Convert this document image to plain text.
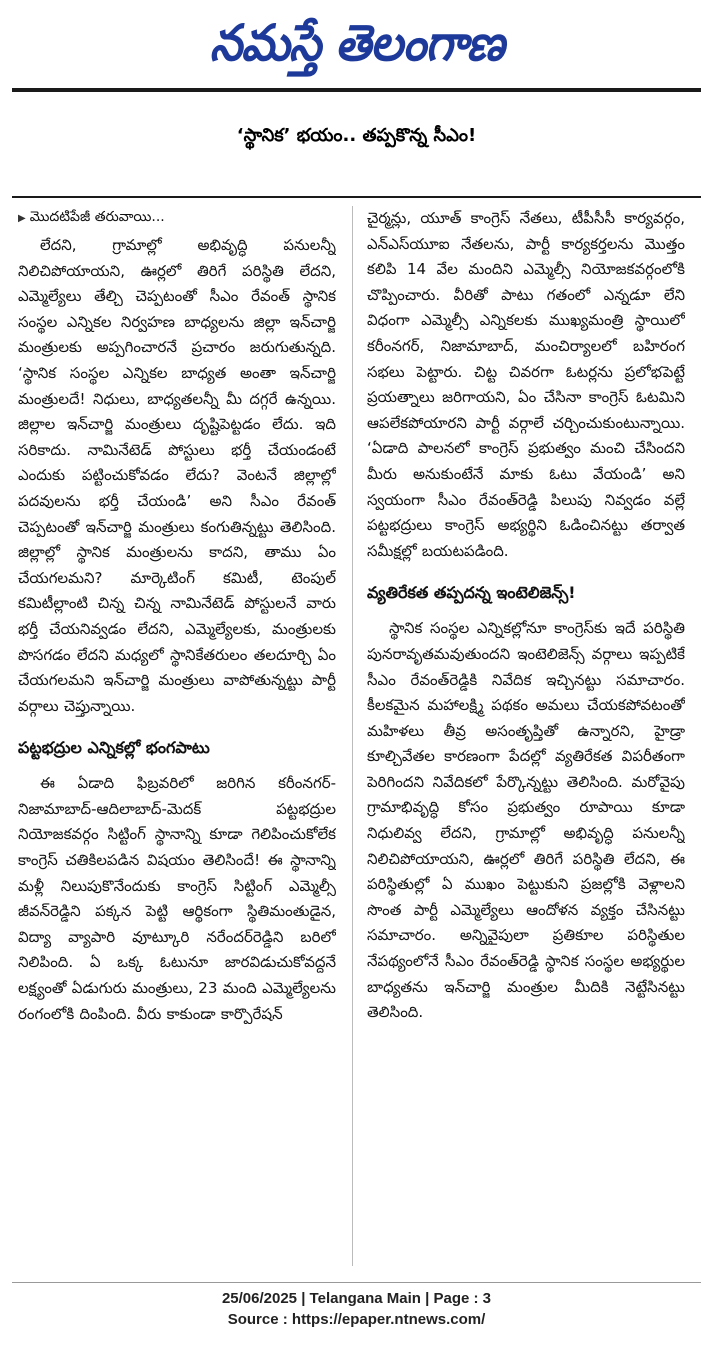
నమస్తే తెలంగాణ
‘స్థానిక’ భయం.. తప్పకొన్న సీఎం!
▶ మొదటిపేజీ తరువాయి...

లేదని, గ్రామాల్లో అభివృద్ధి పనులన్నీ నిలిచిపోయాయని, ఊర్లలో తిరిగే పరిస్థితి లేదని, ఎమ్మెల్యేలు తేల్చి చెప్పటంతో సీఎం రేవంత్ స్థానిక సంస్థల ఎన్నికల నిర్వహణ బాధ్యలను జిల్లా ఇన్‌చార్జి మంత్రులకు అప్పగించారనే ప్రచారం జరుగుతున్నది. ‘స్థానిక సంస్థల ఎన్నికల బాధ్యత అంతా ఇన్‌చార్జి మంత్రులదే! నిధులు, బాధ్యతలన్నీ మీ దగ్గరే ఉన్నయి. జిల్లాల ఇన్‌చార్జి మంత్రులు దృష్టిపెట్టడం లేదు. ఇది సరికాదు. నామినేటెడ్ పోస్టులు భర్తీ చేయండంటే ఎందుకు పట్టించుకోవడం లేదు? వెంటనే జిల్లాల్లో పదవులను భర్తీ చేయండి’ అని సీఎం రేవంత్ చెప్పటంతో ఇన్‌చార్జి మంత్రులు కంగుతిన్నట్టు తెలిసింది. జిల్లాల్లో స్థానిక మంత్రులను కాదని, తాము ఏం చేయగలమని? మార్కెటింగ్ కమిటీ, టెంపుల్ కమిటీల్లాంటి చిన్న చిన్న నామినేటెడ్ పోస్టులనే వారు భర్తీ చేయనివ్వడం లేదని, ఎమ్మెల్యేలకు, మంత్రులకు పొసగడం లేదని మధ్యలో స్థానికేతరులం తలదూర్చి ఏం చేయగలమని ఇన్‌చార్జి మంత్రులు వాపోతున్నట్టు పార్టీ వర్గాలు చెప్తున్నాయి.

పట్టభద్రుల ఎన్నికల్లో భంగపాటు

ఈ ఏడాది ఫిబ్రవరిలో జరిగిన కరీంనగర్-నిజామాబాద్-ఆదిలాబాద్-మెదక్ పట్టభద్రుల నియోజకవర్గం సిట్టింగ్ స్థానాన్ని కూడా గెలిపించుకోలేక కాంగ్రెస్ చతికిలపడిన విషయం తెలిసిందే! ఈ స్థానాన్ని మళ్లీ నిలుపుకొనేందుకు కాంగ్రెస్ సిట్టింగ్ ఎమ్మెల్సీ జీవన్‌రెడ్డిని పక్కన పెట్టి ఆర్థికంగా స్థితిమంతుడైన, విద్యా వ్యాపారి వూట్కూరి నరేందర్‌రెడ్డిని బరిలో నిలిపింది. ఏ ఒక్క ఓటునూ జారవిడుచుకోవద్దనే లక్ష్యంతో ఏడుగురు మంత్రులు, 23 మంది ఎమ్మెల్యేలను రంగంలోకి దింపింది. వీరు కాకుండా కార్పొరేషన్

చైర్మన్లు, యూత్ కాంగ్రెస్ నేతలు, టీపీసీసీ కార్యవర్గం, ఎన్ఎస్‌యూఐ నేతలను, పార్టీ కార్యకర్తలను మొత్తం కలిపి 14 వేల మందిని ఎమ్మెల్సీ నియోజకవర్గంలోకి చొప్పించారు. వీరితో పాటు గతంలో ఎన్నడూ లేని విధంగా ఎమ్మెల్సీ ఎన్నికలకు ముఖ్యమంత్రి స్థాయిలో కరీంనగర్, నిజామాబాద్, మంచిర్యాలలో బహిరంగ సభలు పెట్టారు. చిట్ట చివరగా ఓటర్లను ప్రలోభపెట్టే ప్రయత్నాలు జరిగాయని, ఏం చేసినా కాంగ్రెస్ ఓటమిని ఆపలేకపోయారని పార్టీ వర్గాలే చర్చించుకుంటున్నాయి. ‘ఏడాది పాలనలో కాంగ్రెస్ ప్రభుత్వం మంచి చేసిందని మీరు అనుకుంటేనే మాకు ఓటు వేయండి’ అని స్వయంగా సీఎం రేవంత్‌రెడ్డి పిలుపు నివ్వడం వల్లే పట్టభద్రులు కాంగ్రెస్ అభ్యర్థిని ఓడించినట్టు తర్వాత సమీక్షల్లో బయటపడింది.

వ్యతిరేకత తప్పదన్న ఇంటెలిజెన్స్!

స్థానిక సంస్థల ఎన్నికల్లోనూ కాంగ్రెస్‌కు ఇదే పరిస్థితి పునరావృతమవుతుందని ఇంటెలిజెన్స్ వర్గాలు ఇప్పటికే సీఎం రేవంత్‌రెడ్డికి నివేదిక ఇచ్చినట్టు సమాచారం. కీలకమైన మహాలక్ష్మి పథకం అమలు చేయకపోవటంతో మహిళలు తీవ్ర అసంతృప్తితో ఉన్నారని, హైడ్రా కూల్చివేతల కారణంగా పేదల్లో వ్యతిరేకత విపరీతంగా పెరిగిందని నివేదికలో పేర్కొన్నట్టు తెలిసింది. మరోవైపు గ్రామాభివృద్ధి కోసం ప్రభుత్వం రూపాయి కూడా నిధులివ్వ లేదని, గ్రామాల్లో అభివృద్ధి పనులన్నీ నిలిచిపోయాయని, ఊర్లలో తిరిగే పరిస్థితి లేదని, ఈ పరిస్థితుల్లో ఏ ముఖం పెట్టుకుని ప్రజల్లోకి వెళ్లాలని సొంత పార్టీ ఎమ్మెల్యేలు ఆందోళన వ్యక్తం చేసినట్టు సమాచారం. అన్నివైపులా ప్రతికూల పరిస్థితుల నేపథ్యంలోనే సీఎం రేవంత్‌రెడ్డి స్థానిక సంస్థల అభ్యర్థుల బాధ్యతను ఇన్‌చార్జి మంత్రుల మీదికి నెట్టేసినట్టు తెలిసింది.

25/06/2025 | Telangana Main | Page : 3
Source : https://epaper.ntnews.com/
